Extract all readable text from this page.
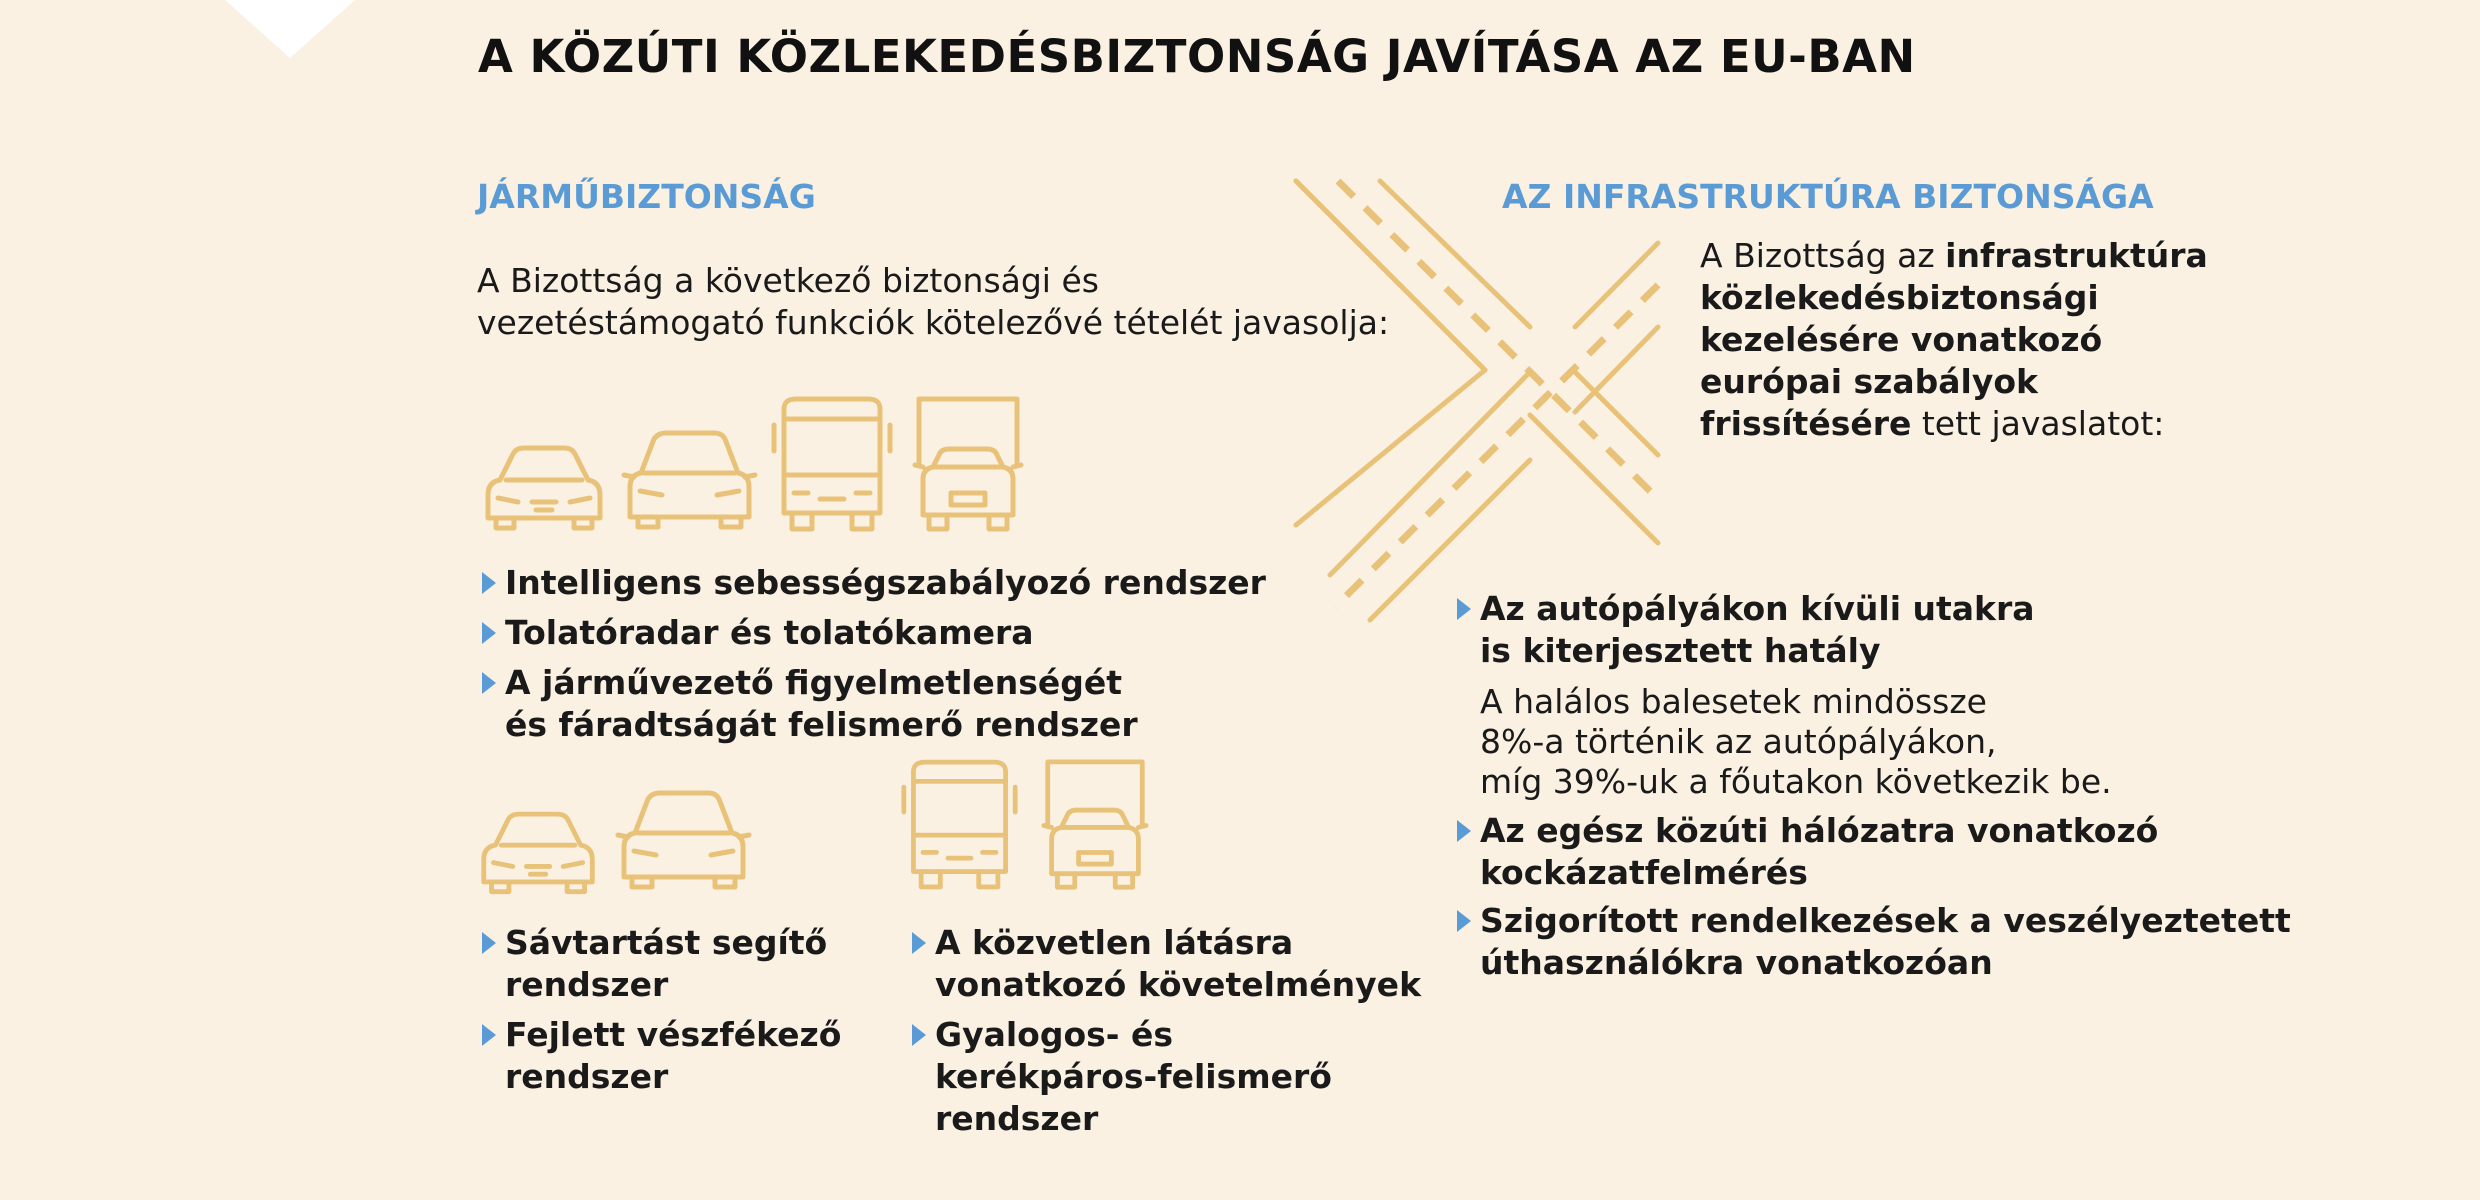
A KÖZÚTI KÖZLEKEDÉSBIZTONSÁG JAVÍTÁSA AZ EU-BAN
JÁRMŰBIZTONSÁG
A Bizottság a következő biztonsági és
vezetéstámogató funkciók kötelezővé tételét javasolja:
Intelligens sebességszabályozó rendszer
Tolatóradar és tolatókamera
A járművezető figyelmetlenségét
és fáradtságát felismerő rendszer
Sávtartást segítő
rendszer
Fejlett vészfékező
rendszer
A közvetlen látásra
vonatkozó követelmények
Gyalogos- és
kerékpáros-felismerő
rendszer
AZ INFRASTRUKTÚRA BIZTONSÁGA
A Bizottság az infrastruktúra
közlekedésbiztonsági
kezelésére vonatkozó
európai szabályok
frissítésére tett javaslatot:
Az autópályákon kívüli utakra
is kiterjesztett hatály
A halálos balesetek mindössze
8%-a történik az autópályákon,
míg 39%-uk a főutakon következik be.
Az egész közúti hálózatra vonatkozó
kockázatfelmérés
Szigorított rendelkezések a veszélyeztetett
úthasználókra vonatkozóan
